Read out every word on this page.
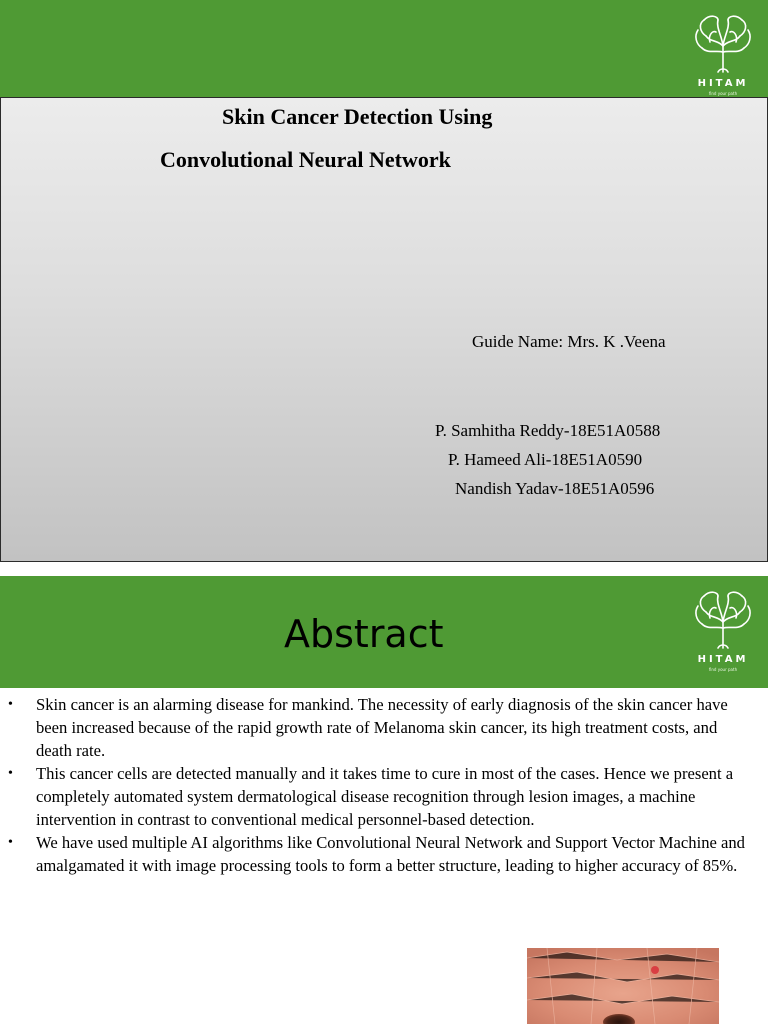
HITAM
find your path
Skin Cancer Detection Using
Convolutional Neural Network
Guide Name: Mrs. K .Veena
P. Samhitha Reddy-18E51A0588
P. Hameed Ali-18E51A0590
Nandish Yadav-18E51A0596
HITAM
find your path
Abstract
• Skin cancer is an alarming disease for mankind. The necessity of early diagnosis of the skin cancer have been increased because of the rapid growth rate of Melanoma skin cancer, its high treatment costs, and death rate.
• This cancer cells are detected manually and it takes time to cure in most of the cases. Hence we present a completely automated system dermatological disease recognition through lesion images, a machine intervention in contrast to conventional medical personnel-based detection.
• We have used multiple AI algorithms like Convolutional Neural Network and Support Vector Machine and amalgamated it with image processing tools to form a better structure, leading to higher accuracy of 85%.
